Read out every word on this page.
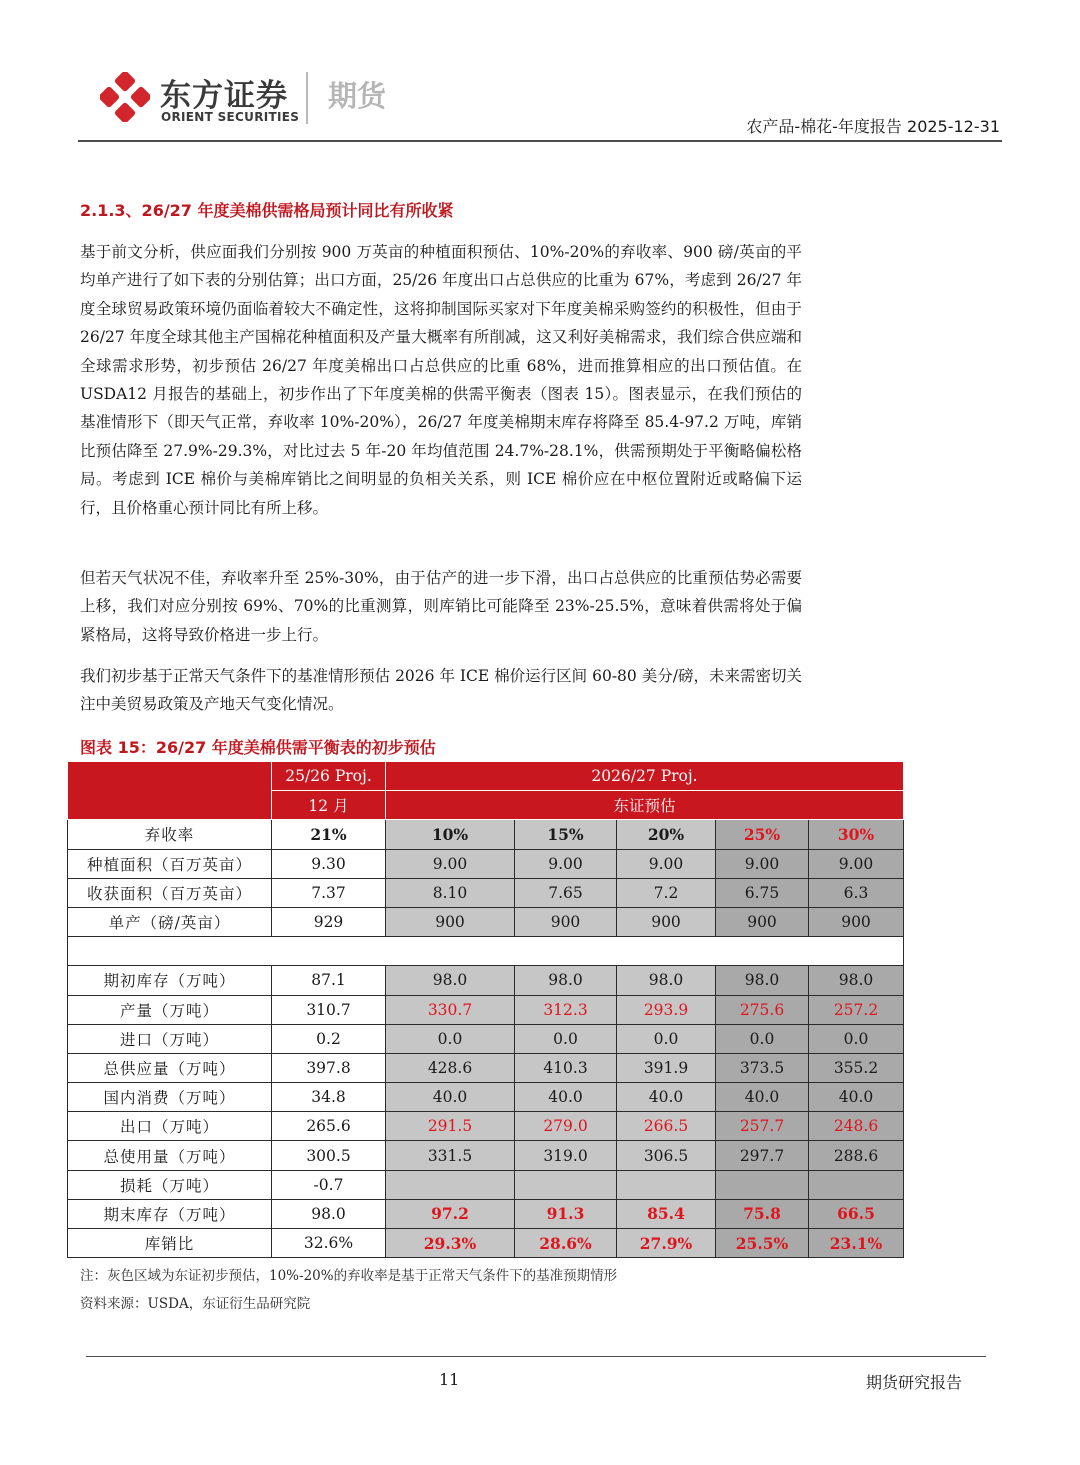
东方证券
ORIENT SECURITIES
期货
农产品-棉花-年度报告 2025-12-31
2.1.3、26/27 年度美棉供需格局预计同比有所收紧

基于前文分析，供应面我们分别按 900 万英亩的种植面积预估、10%-20%的弃收率、900 磅/英亩的平均单产进行了如下表的分别估算；出口方面，25/26 年度出口占总供应的比重为 67%，考虑到 26/27 年度全球贸易政策环境仍面临着较大不确定性，这将抑制国际买家对下年度美棉采购签约的积极性，但由于 26/27 年度全球其他主产国棉花种植面积及产量大概率有所削减，这又利好美棉需求，我们综合供应端和全球需求形势，初步预估 26/27 年度美棉出口占总供应的比重 68%，进而推算相应的出口预估值。在 USDA12 月报告的基础上，初步作出了下年度美棉的供需平衡表（图表 15）。图表显示，在我们预估的基准情形下（即天气正常，弃收率 10%-20%），26/27 年度美棉期末库存将降至 85.4-97.2 万吨，库销比预估降至 27.9%-29.3%，对比过去 5 年-20 年均值范围 24.7%-28.1%，供需预期处于平衡略偏松格局。考虑到 ICE 棉价与美棉库销比之间明显的负相关关系，则 ICE 棉价应在中枢位置附近或略偏下运行，且价格重心预计同比有所上移。

但若天气状况不佳，弃收率升至 25%-30%，由于估产的进一步下滑，出口占总供应的比重预估势必需要上移，我们对应分别按 69%、70%的比重测算，则库销比可能降至 23%-25.5%，意味着供需将处于偏紧格局，这将导致价格进一步上行。

我们初步基于正常天气条件下的基准情形预估 2026 年 ICE 棉价运行区间 60-80 美分/磅，未来需密切关注中美贸易政策及产地天气变化情况。

图表 15：26/27 年度美棉供需平衡表的初步预估
	25/26 Proj.	2026/27 Proj.				
	12 月	东证预估				
弃收率	21%	10%	15%	20%	25%	30%
种植面积（百万英亩）	9.30	9.00	9.00	9.00	9.00	9.00
收获面积（百万英亩）	7.37	8.10	7.65	7.2	6.75	6.3
单产（磅/英亩）	929	900	900	900	900	900

期初库存（万吨）	87.1	98.0	98.0	98.0	98.0	98.0
产量（万吨）	310.7	330.7	312.3	293.9	275.6	257.2
进口（万吨）	0.2	0.0	0.0	0.0	0.0	0.0
总供应量（万吨）	397.8	428.6	410.3	391.9	373.5	355.2
国内消费（万吨）	34.8	40.0	40.0	40.0	40.0	40.0
出口（万吨）	265.6	291.5	279.0	266.5	257.7	248.6
总使用量（万吨）	300.5	331.5	319.0	306.5	297.7	288.6
损耗（万吨）	-0.7					
期末库存（万吨）	98.0	97.2	91.3	85.4	75.8	66.5
库销比	32.6%	29.3%	28.6%	27.9%	25.5%	23.1%
注：灰色区域为东证初步预估，10%-20%的弃收率是基于正常天气条件下的基准预期情形
资料来源：USDA，东证衍生品研究院
11	期货研究报告
